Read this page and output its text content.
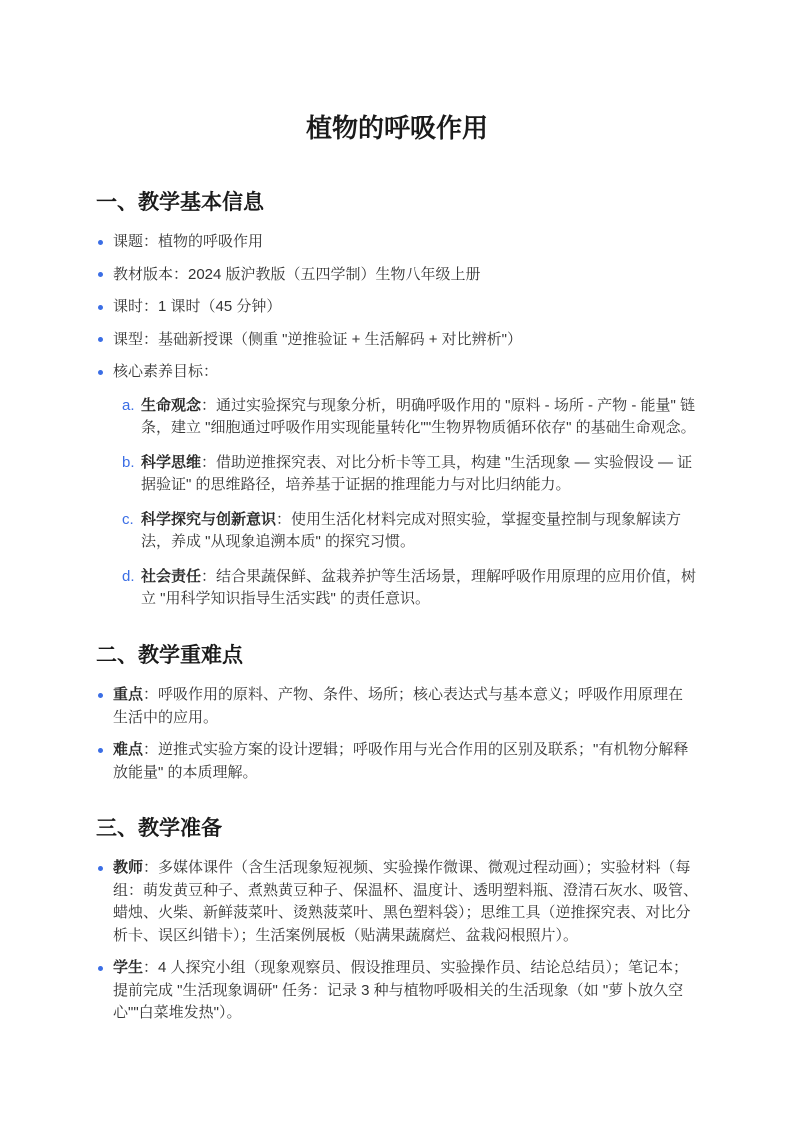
植物的呼吸作用
一、教学基本信息
课题：植物的呼吸作用
教材版本：2024 版沪教版（五四学制）生物八年级上册
课时：1 课时（45 分钟）
课型：基础新授课（侧重 "逆推验证 + 生活解码 + 对比辨析"）
核心素养目标：
a. 生命观念：通过实验探究与现象分析，明确呼吸作用的 "原料 - 场所 - 产物 - 能量" 链条，建立 "细胞通过呼吸作用实现能量转化""生物界物质循环依存" 的基础生命观念。
b. 科学思维：借助逆推探究表、对比分析卡等工具，构建 "生活现象 — 实验假设 — 证据验证" 的思维路径，培养基于证据的推理能力与对比归纳能力。
c. 科学探究与创新意识：使用生活化材料完成对照实验，掌握变量控制与现象解读方法，养成 "从现象追溯本质" 的探究习惯。
d. 社会责任：结合果蔬保鲜、盆栽养护等生活场景，理解呼吸作用原理的应用价值，树立 "用科学知识指导生活实践" 的责任意识。
二、教学重难点
重点：呼吸作用的原料、产物、条件、场所；核心表达式与基本意义；呼吸作用原理在生活中的应用。
难点：逆推式实验方案的设计逻辑；呼吸作用与光合作用的区别及联系；"有机物分解释放能量" 的本质理解。
三、教学准备
教师：多媒体课件（含生活现象短视频、实验操作微课、微观过程动画）；实验材料（每组：萌发黄豆种子、煮熟黄豆种子、保温杯、温度计、透明塑料瓶、澄清石灰水、吸管、蜡烛、火柴、新鲜菠菜叶、烫熟菠菜叶、黑色塑料袋）；思维工具（逆推探究表、对比分析卡、误区纠错卡）；生活案例展板（贴满果蔬腐烂、盆栽闷根照片）。
学生：4 人探究小组（现象观察员、假设推理员、实验操作员、结论总结员）；笔记本；提前完成 "生活现象调研" 任务：记录 3 种与植物呼吸相关的生活现象（如 "萝卜放久空心""白菜堆发热"）。
